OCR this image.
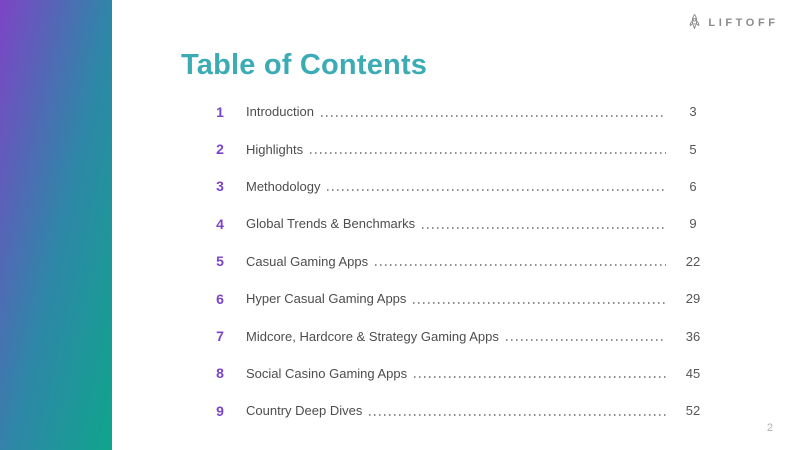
LIFTOFF
Table of Contents
1	Introduction	3
2	Highlights	5
3	Methodology	6
4	Global Trends & Benchmarks	9
5	Casual Gaming Apps	22
6	Hyper Casual Gaming Apps	29
7	Midcore, Hardcore & Strategy Gaming Apps	36
8	Social Casino Gaming Apps	45
9	Country Deep Dives	52
2
